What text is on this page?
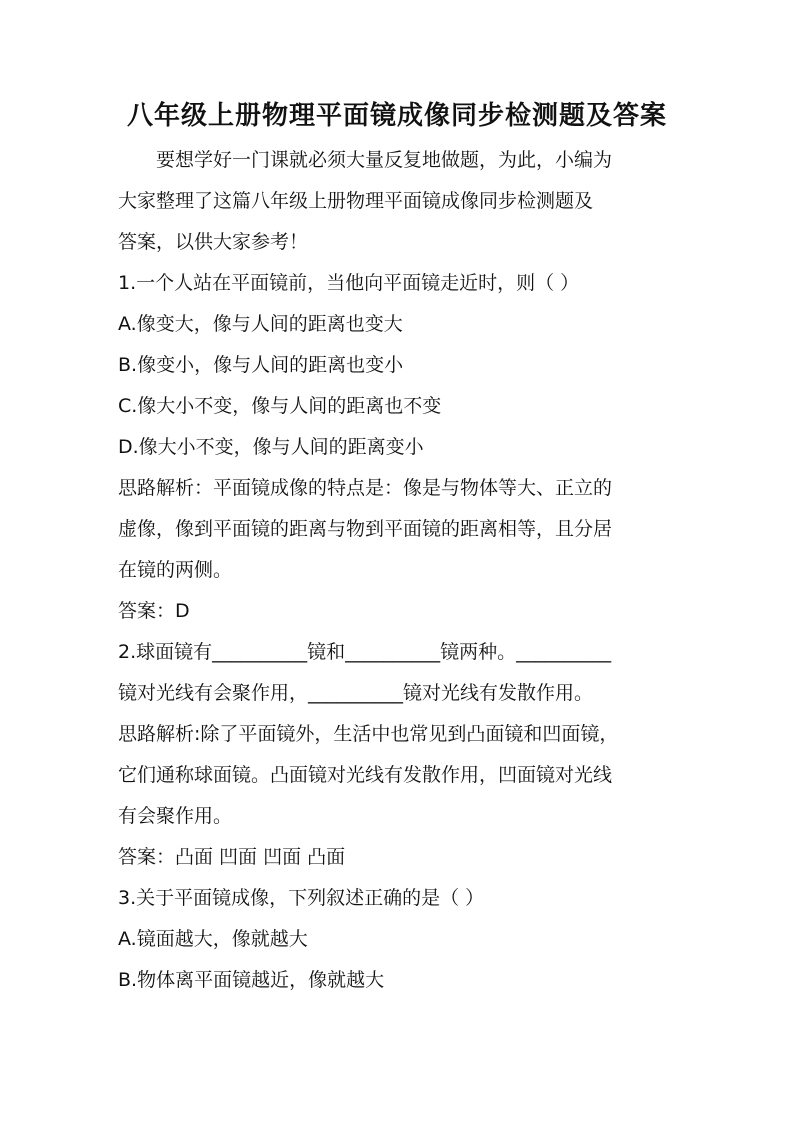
八年级上册物理平面镜成像同步检测题及答案
要想学好一门课就必须大量反复地做题，为此，小编为
大家整理了这篇八年级上册物理平面镜成像同步检测题及
答案，以供大家参考！
1.一个人站在平面镜前，当他向平面镜走近时，则（ ）
A.像变大，像与人间的距离也变大
B.像变小，像与人间的距离也变小
C.像大小不变，像与人间的距离也不变
D.像大小不变，像与人间的距离变小
思路解析：平面镜成像的特点是：像是与物体等大、正立的
虚像，像到平面镜的距离与物到平面镜的距离相等，且分居
在镜的两侧。
答案：D
2.球面镜有__________镜和__________镜两种。__________
镜对光线有会聚作用，__________镜对光线有发散作用。
思路解析:除了平面镜外，生活中也常见到凸面镜和凹面镜，
它们通称球面镜。凸面镜对光线有发散作用，凹面镜对光线
有会聚作用。
答案：凸面 凹面 凹面 凸面
3.关于平面镜成像，下列叙述正确的是（ ）
A.镜面越大，像就越大
B.物体离平面镜越近，像就越大
